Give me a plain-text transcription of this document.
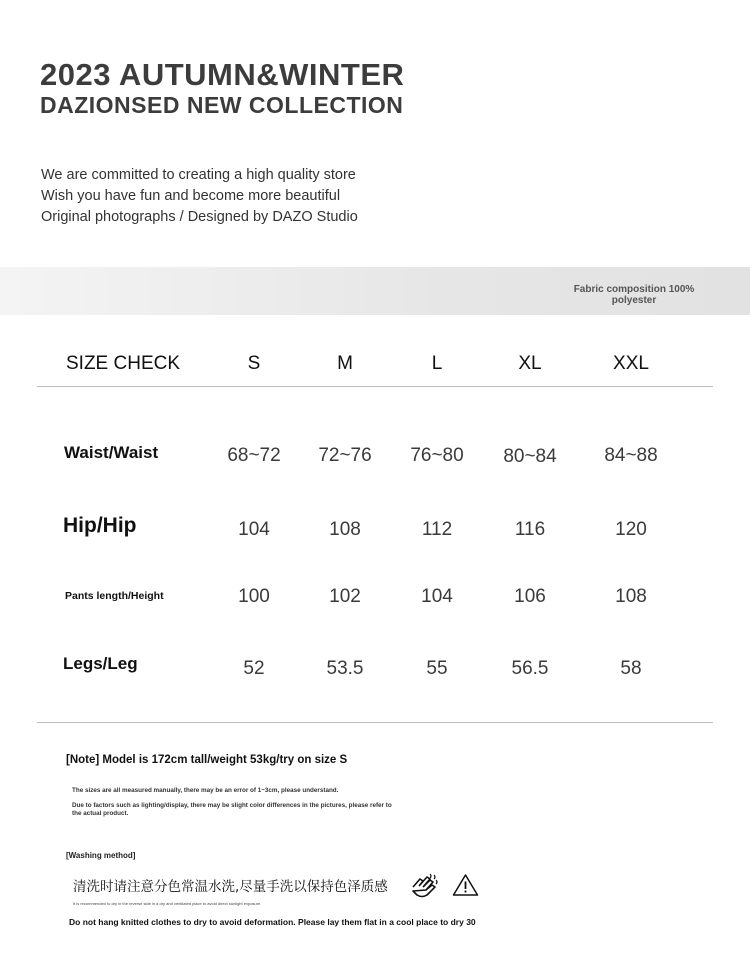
2023 AUTUMN&WINTER
DAZIONSED NEW COLLECTION
We are committed to creating a high quality store
Wish you have fun and become more beautiful
Original photographs / Designed by DAZO Studio
Fabric composition 100%
polyester
SIZE CHECK	S	M	L	XL	XXL
Waist/Waist	68~72	72~76	76~80	80~84	84~88
Hip/Hip	104	108	112	116	120
Pants length/Height	100	102	104	106	108
Legs/Leg	52	53.5	55	56.5	58
[Note] Model is 172cm tall/weight 53kg/try on size S
The sizes are all measured manually, there may be an error of 1~3cm, please understand.
Due to factors such as lighting/display, there may be slight color differences in the pictures, please refer to
the actual product.
[Washing method]
清洗时请注意分色常温水洗,尽量手洗以保持色泽质感
It is recommended to dry in the reverse side in a dry and ventilated place to avoid direct sunlight exposure.
Do not hang knitted clothes to dry to avoid deformation. Please lay them flat in a cool place to dry 30
